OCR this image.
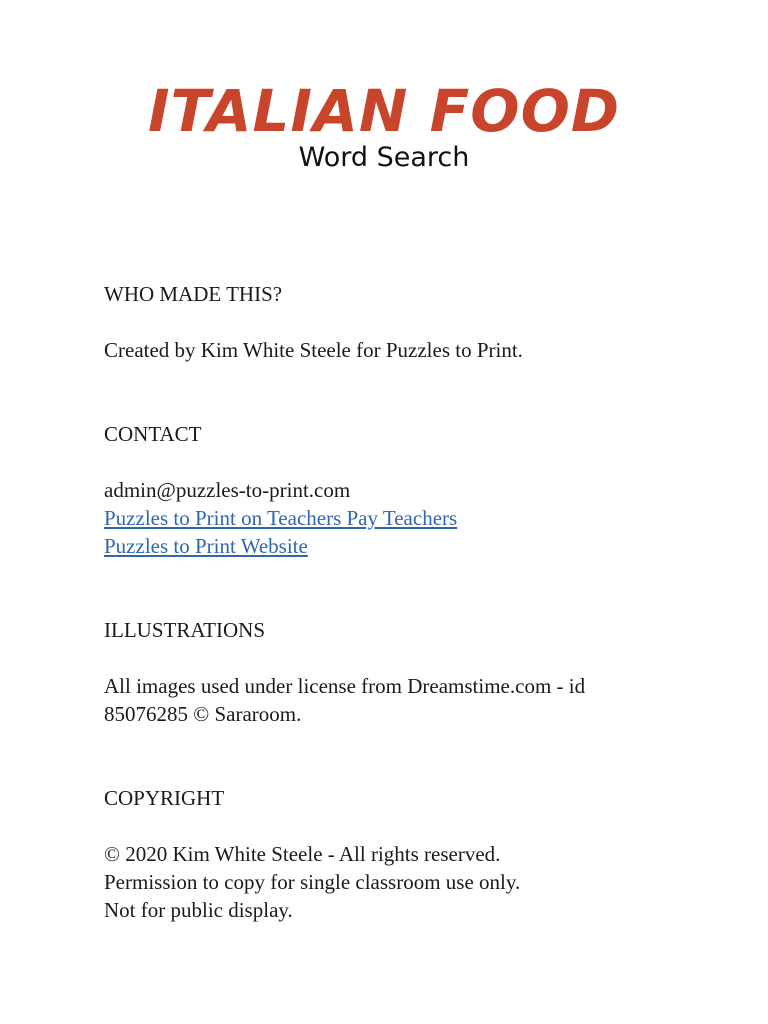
ITALIAN FOOD
Word Search

WHO MADE THIS?

Created by Kim White Steele for Puzzles to Print.

CONTACT

admin@puzzles-to-print.com

Puzzles to Print on Teachers Pay Teachers
Puzzles to Print Website

ILLUSTRATIONS

All images used under license from Dreamstime.com - id

85076285 © Sararoom.

COPYRIGHT

© 2020 Kim White Steele - All rights reserved.

Permission to copy for single classroom use only.

Not for public display.
